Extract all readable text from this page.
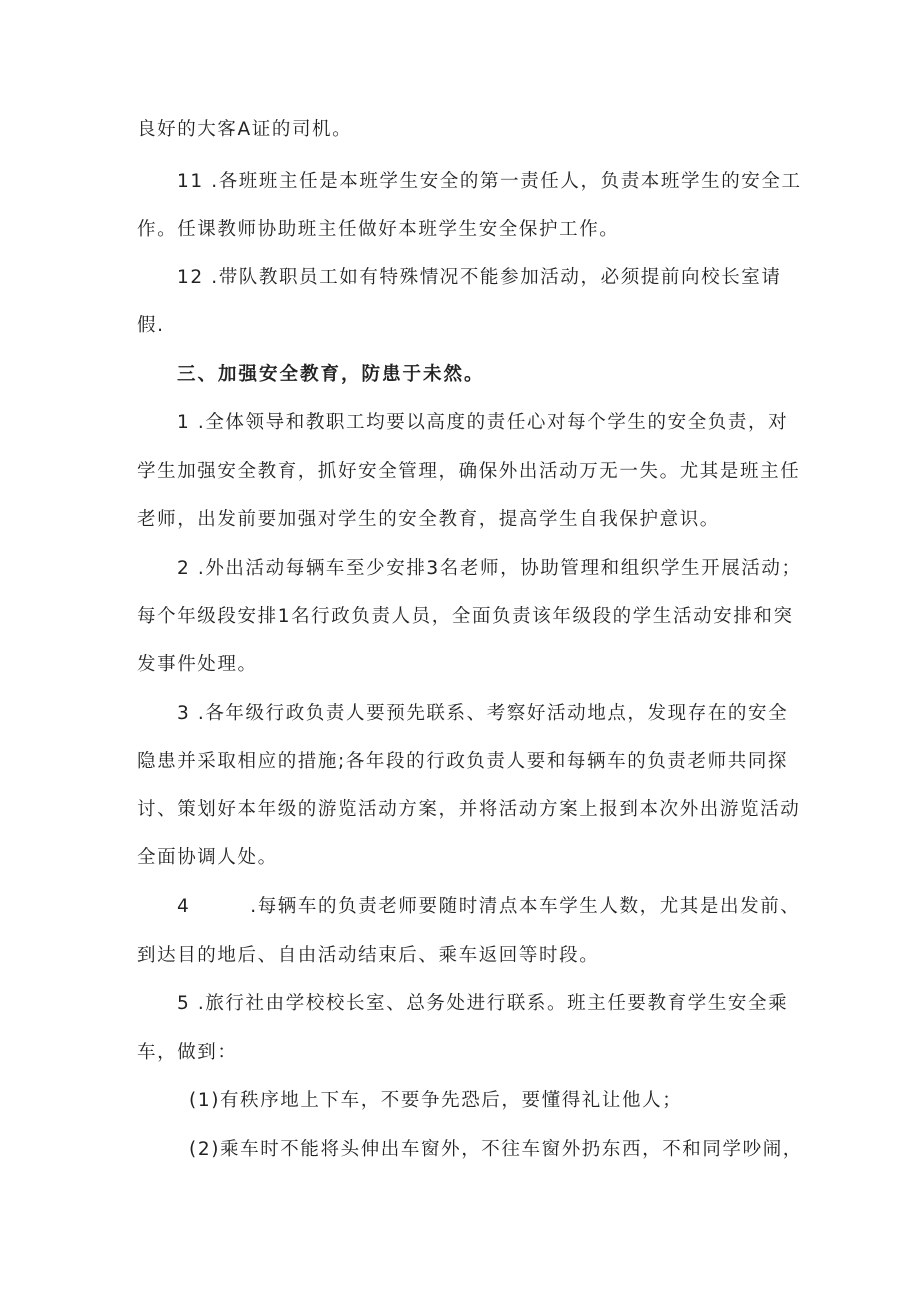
良好的大客A证的司机。
11 .各班班主任是本班学生安全的第一责任人，负责本班学生的安全工
作。任课教师协助班主任做好本班学生安全保护工作。
12 .带队教职员工如有特殊情况不能参加活动，必须提前向校长室请
假.
三、加强安全教育，防患于未然。
1 .全体领导和教职工均要以高度的责任心对每个学生的安全负责，对
学生加强安全教育，抓好安全管理，确保外出活动万无一失。尤其是班主任
老师，出发前要加强对学生的安全教育，提高学生自我保护意识。
2 .外出活动每辆车至少安排3名老师，协助管理和组织学生开展活动；
每个年级段安排1名行政负责人员，全面负责该年级段的学生活动安排和突
发事件处理。
3 .各年级行政负责人要预先联系、考察好活动地点，发现存在的安全
隐患并采取相应的措施;各年段的行政负责人要和每辆车的负责老师共同探
讨、策划好本年级的游览活动方案，并将活动方案上报到本次外出游览活动
全面协调人处。
4        .每辆车的负责老师要随时清点本车学生人数，尤其是出发前、
到达目的地后、自由活动结束后、乘车返回等时段。
5 .旅行社由学校校长室、总务处进行联系。班主任要教育学生安全乘
车，做到：
(1)有秩序地上下车，不要争先恐后，要懂得礼让他人；
(2)乘车时不能将头伸出车窗外，不往车窗外扔东西，不和同学吵闹，
